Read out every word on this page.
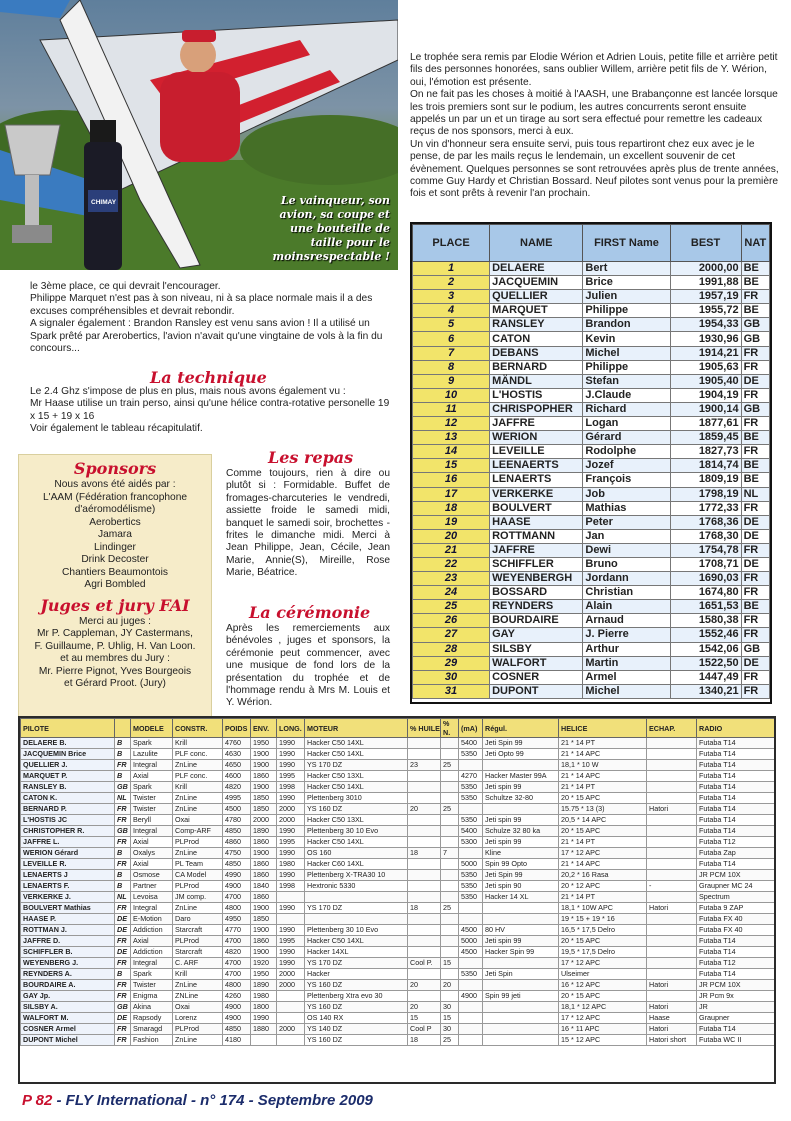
CHIMAY	Le vainqueur, son avion, sa coupe et une bouteille de taille pour le moinsrespectable !

Le trophée sera remis par Elodie Wérion et Adrien Louis, petite fille et arrière petit fils des personnes honorées, sans oublier Willem, arrière petit fils de Y. Wérion, oui, l'émotion est présente.

On ne fait pas les choses à moitié à l'AASH, une Brabançonne est lancée lorsque les trois premiers sont sur le podium, les autres concurrents seront ensuite appelés un par un et un tirage au sort sera effectué pour remettre les cadeaux reçus de nos sponsors, merci à eux.

Un vin d'honneur sera ensuite servi, puis tous repartiront chez eux avec je le pense, de par les mails reçus le lendemain, un excellent souvenir de cet évènement. Quelques personnes se sont retrouvées après plus de trente années, comme Guy Hardy et Christian Bossard. Neuf pilotes sont venus pour la première fois et sont prêts à revenir l'an prochain.

le 3ème place, ce qui devrait l'encourager.

Philippe Marquet n'est pas à son niveau, ni à sa place normale mais il a des excuses compréhensibles et devrait rebondir.

A signaler également : Brandon Ransley est venu sans avion ! Il a utilisé un Spark prêté par Arerobertics, l'avion n'avait qu'une vingtaine de vols à la fin du concours...

La technique

Le 2.4 Ghz s'impose de plus en plus, mais nous avons également vu :

Mr Haase utilise un train perso, ainsi qu'une hélice contra-rotative personelle 19 x 15 + 19 x 16

Voir également le tableau récapitulatif.

Sponsors
Nous avons été aidés par :
L'AAM (Fédération francophone
d'aéromodélisme)
Aerobertics
Jamara
Lindinger
Drink Decoster
Chantiers Beaumontois
Agri Bombled
Juges et jury FAI
Merci au juges :
Mr P. Cappleman, JY Castermans,
F. Guillaume, P. Uhlig, H. Van Loon.
et au membres du Jury :
Mr. Pierre Pignot, Yves Bourgeois
et Gérard Proot. (Jury)
Les repas
Comme toujours, rien à dire ou plutôt si : Formidable. Buffet de fromages-charcuteries le vendredi, assiette froide le samedi midi, banquet le samedi soir, brochettes - frites le dimanche midi. Merci à Jean Philippe, Jean, Cécile, Jean Marie, Annie(S), Mireille, Rose Marie, Béatrice.
La cérémonie
Après les remerciements aux bénévoles , juges et sponsors, la cérémonie peut commencer, avec une musique de fond lors de la présentation du trophée et de l'hommage rendu à Mrs M. Louis et Y. Wérion.
PLACE	NAME	FIRST Name	BEST	NAT
1	DELAERE	Bert	2000,00	BE
2	JACQUEMIN	Brice	1991,88	BE
3	QUELLIER	Julien	1957,19	FR
4	MARQUET	Philippe	1955,72	BE
5	RANSLEY	Brandon	1954,33	GB
6	CATON	Kevin	1930,96	GB
7	DEBANS	Michel	1914,21	FR
8	BERNARD	Philippe	1905,63	FR
9	MÄNDL	Stefan	1905,40	DE
10	L'HOSTIS	J.Claude	1904,19	FR
11	CHRISPOPHER	Richard	1900,14	GB
12	JAFFRE	Logan	1877,61	FR
13	WERION	Gérard	1859,45	BE
14	LEVEILLE	Rodolphe	1827,73	FR
15	LEENAERTS	Jozef	1814,74	BE
16	LENAERTS	François	1809,19	BE
17	VERKERKE	Job	1798,19	NL
18	BOULVERT	Mathias	1772,33	FR
19	HAASE	Peter	1768,36	DE
20	ROTTMANN	Jan	1768,30	DE
21	JAFFRE	Dewi	1754,78	FR
22	SCHIFFLER	Bruno	1708,71	DE
23	WEYENBERGH	Jordann	1690,03	FR
24	BOSSARD	Christian	1674,80	FR
25	REYNDERS	Alain	1651,53	BE
26	BOURDAIRE	Arnaud	1580,38	FR
27	GAY	J. Pierre	1552,46	FR
28	SILSBY	Arthur	1542,06	GB
29	WALFORT	Martin	1522,50	DE
30	COSNER	Armel	1447,49	FR
31	DUPONT	Michel	1340,21	FR
PILOTE		MODELE	CONSTR.	POIDS	ENV.	LONG.	MOTEUR	% HUILE	% N.	(mA)	Régul.	HELICE	ECHAP.	RADIO
DELAERE B.	B	Spark	Krill	4760	1950	1990	Hacker C50 14XL			5400	Jeti Spin 99	21 * 14 PT		Futaba T14
JACQUEMIN Brice	B	Lazulite	PLF conc.	4630	1900	1990	Hacker C50 14XL			5350	Jeti Opto 99	21 * 14 APC		Futaba T14
QUELLIER J.	FR	Integral	ZnLine	4650	1900	1990	YS 170 DZ	23	25			18,1 * 10 W		Futaba T14
MARQUET P.	B	Axial	PLF conc.	4600	1860	1995	Hacker C50 13XL			4270	Hacker Master 99A	21 * 14 APC		Futaba T14
RANSLEY B.	GB	Spark	Krill	4820	1900	1998	Hacker C50 14XL			5350	Jeti spin 99	21 * 14 PT		Futaba T14
CATON K.	NL	Twister	ZnLine	4995	1850	1990	Plettenberg 3010			5350	Schultze 32-80	20 * 15 APC		Futaba T14
BERNARD P.	FR	Twister	ZnLine	4500	1850	2000	YS 160 DZ	20	25			15.75 * 13 (3)	Hatori	Futaba T14
L'HOSTIS JC	FR	Beryll	Oxai	4780	2000	2000	Hacker C50 13XL			5350	Jeti spin 99	20,5 * 14 APC		Futaba T14
CHRISTOPHER R.	GB	Integral	Comp-ARF	4850	1890	1990	Plettenberg 30 10 Evo			5400	Schulze 32 80 ka	20 * 15 APC		Futaba T14
JAFFRE L.	FR	Axial	PLProd	4860	1860	1995	Hacker C50 14XL			5300	Jeti spin 99	21 * 14 PT		Futaba T12
WERION Gérard	B	Oxalys	ZnLine	4750	1900	1990	OS 160	18	7		Kline	17 * 12 APC		Futaba Zap
LEVEILLE R.	FR	Axial	PL Team	4850	1860	1980	Hacker C60 14XL			5000	Spin 99 Opto	21 * 14 APC		Futaba T14
LENAERTS J	B	Osmose	CA Model	4990	1860	1990	Plettenberg X-TRA30 10			5350	Jeti Spin 99	20,2 * 16 Rasa		JR PCM 10X
LENAERTS F.	B	Partner	PLProd	4900	1840	1998	Hextronic 5330			5350	Jeti spin 90	20 * 12 APC	-	Graupner MC 24
VERKERKE J.	NL	Levoisa	JM comp.	4700	1860					5350	Hacker 14 XL	21 * 14 PT		Spectrum
BOULVERT Mathias	FR	Integral	ZnLine	4800	1900	1990	YS 170 DZ	18	25			18,1 * 10W APC	Hatori	Futaba 9 ZAP
HAASE P.	DE	E-Motion	Daro	4950	1850							19 * 15 + 19 * 16		Futaba FX 40
ROTTMAN J.	DE	Addiction	Starcraft	4770	1900	1990	Plettenberg 30 10 Evo			4500	80 HV	16,5 * 17,5 Delro		Futaba FX 40
JAFFRE D.	FR	Axial	PLProd	4700	1860	1995	Hacker C50 14XL			5000	Jeti spin 99	20 * 15 APC		Futaba T14
SCHIFFLER B.	DE	Addiction	Starcraft	4820	1900	1990	Hacker 14XL			4500	Hacker Spin 99	19,5 * 17,5 Delro		Futaba T14
WEYENBERG J.	FR	Integral	C. ARF	4700	1920	1990	YS 170 DZ	Cool P.	15			17 * 12 APC		Futaba T12
REYNDERS A.	B	Spark	Krill	4700	1950	2000	Hacker			5350	Jeti Spin	Ulseimer		Futaba T14
BOURDAIRE A.	FR	Twister	ZnLine	4800	1890	2000	YS 160 DZ	20	20			16 * 12 APC	Hatori	JR PCM 10X
GAY Jp.	FR	Enigma	ZNLine	4260	1980		Plettenberg Xtra evo 30			4900	Spin 99 jeti	20 * 15 APC		JR Pcm 9x
SILSBY A.	GB	Akina	Oxai	4900	1800		YS 160 DZ	20	30			18,1 * 12 APC	Hatori	JR
WALFORT M.	DE	Rapsody	Lorenz	4900	1990		OS 140 RX	15	15			17 * 12 APC	Haase	Graupner
COSNER Armel	FR	Smaragd	PLProd	4850	1880	2000	YS 140 DZ	Cool P	30			16 * 11 APC	Hatori	Futaba T14
DUPONT Michel	FR	Fashion	ZnLine	4180			YS 160 DZ	18	25			15 * 12 APC	Hatori short	Futaba WC II
P 82 - FLY International - n° 174 - Septembre 2009
